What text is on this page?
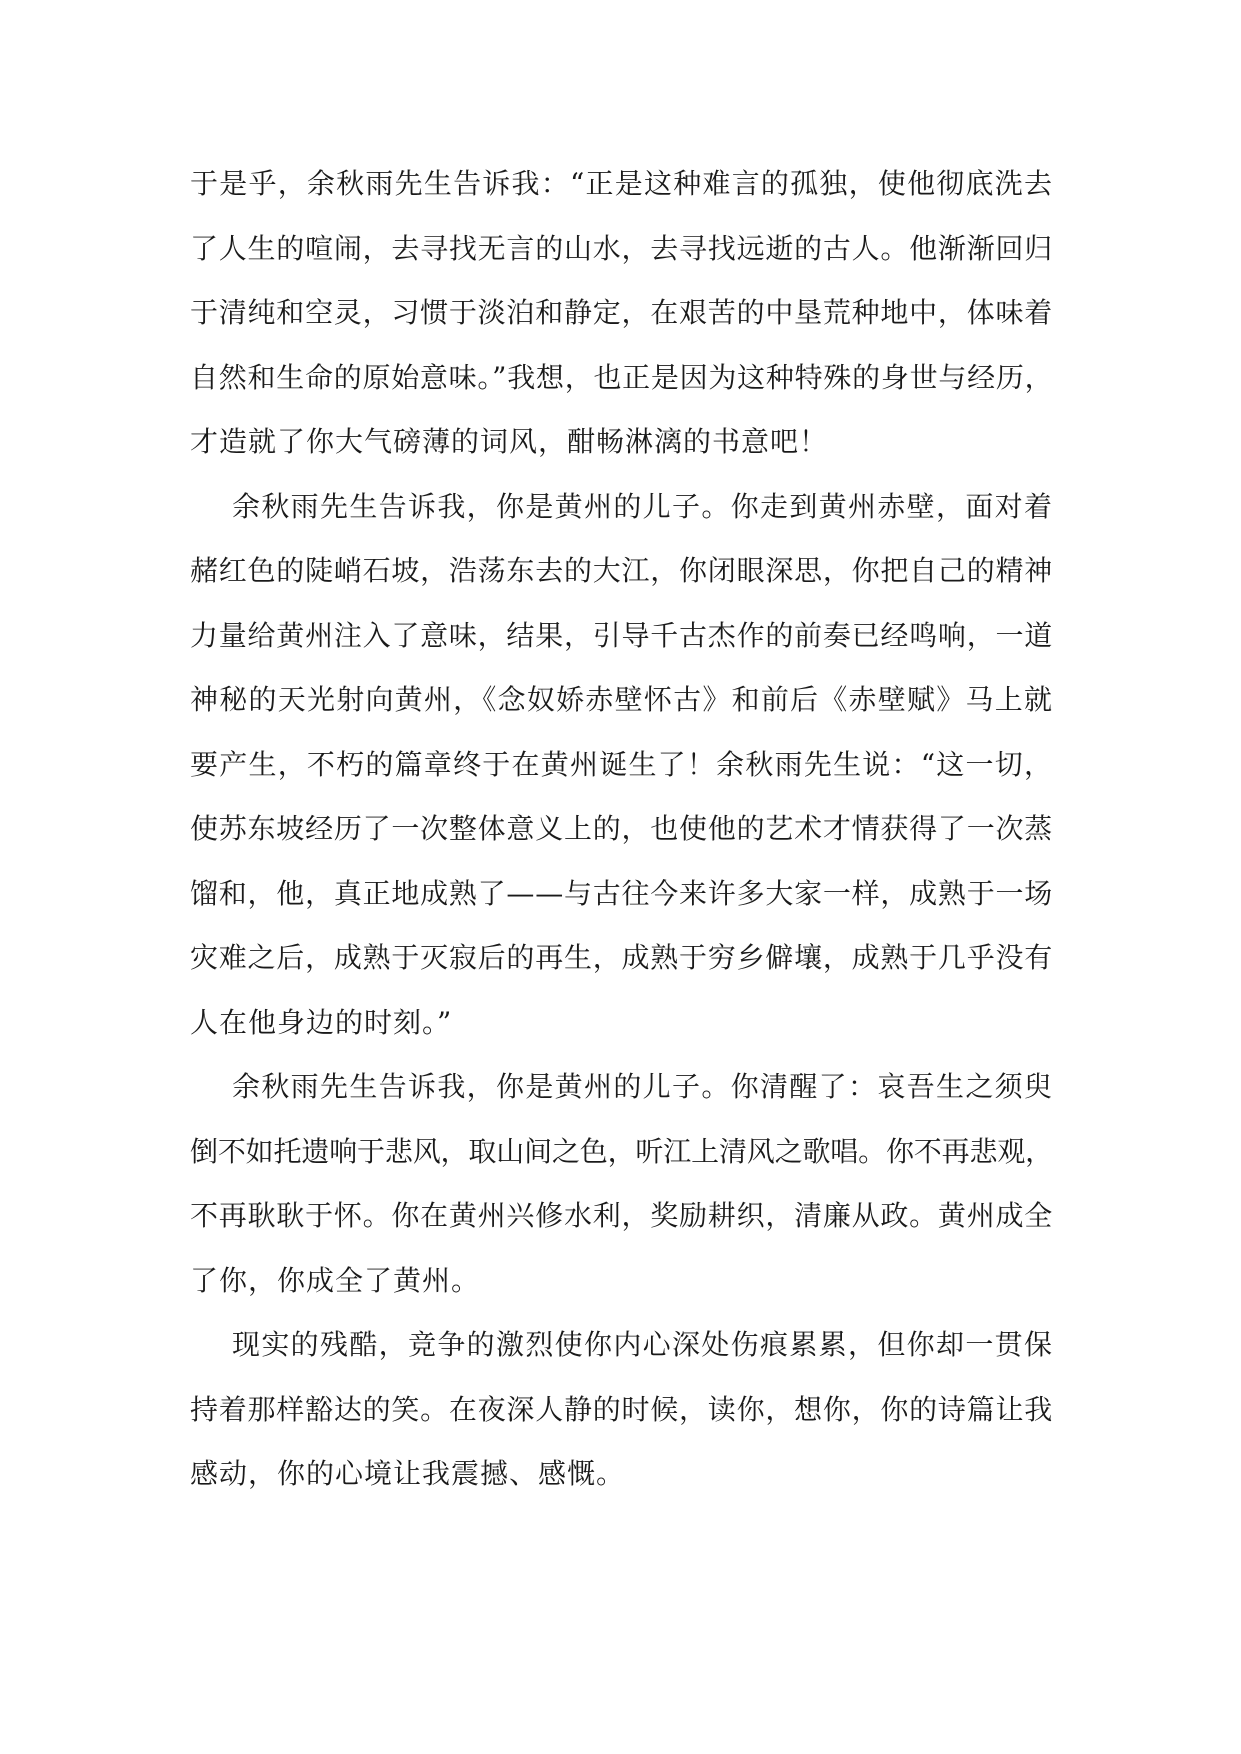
于是乎，余秋雨先生告诉我：“正是这种难言的孤独，使他彻底洗去
了人生的喧闹，去寻找无言的山水，去寻找远逝的古人。他渐渐回归
于清纯和空灵，习惯于淡泊和静定，在艰苦的中垦荒种地中，体味着
自然和生命的原始意味。”我想，也正是因为这种特殊的身世与经历，
才造就了你大气磅薄的词风，酣畅淋漓的书意吧！
余秋雨先生告诉我，你是黄州的儿子。你走到黄州赤壁，面对着
赭红色的陡峭石坡，浩荡东去的大江，你闭眼深思，你把自己的精神
力量给黄州注入了意味，结果，引导千古杰作的前奏已经鸣响，一道
神秘的天光射向黄州，《念奴娇赤壁怀古》和前后《赤壁赋》马上就
要产生，不朽的篇章终于在黄州诞生了！余秋雨先生说：“这一切，
使苏东坡经历了一次整体意义上的，也使他的艺术才情获得了一次蒸
馏和，他，真正地成熟了——与古往今来许多大家一样，成熟于一场
灾难之后，成熟于灭寂后的再生，成熟于穷乡僻壤，成熟于几乎没有
人在他身边的时刻。”
余秋雨先生告诉我，你是黄州的儿子。你清醒了：哀吾生之须臾
倒不如托遗响于悲风，取山间之色，听江上清风之歌唱。你不再悲观，
不再耿耿于怀。你在黄州兴修水利，奖励耕织，清廉从政。黄州成全
了你，你成全了黄州。
现实的残酷，竞争的激烈使你内心深处伤痕累累，但你却一贯保
持着那样豁达的笑。在夜深人静的时候，读你，想你，你的诗篇让我
感动，你的心境让我震撼、感慨。
